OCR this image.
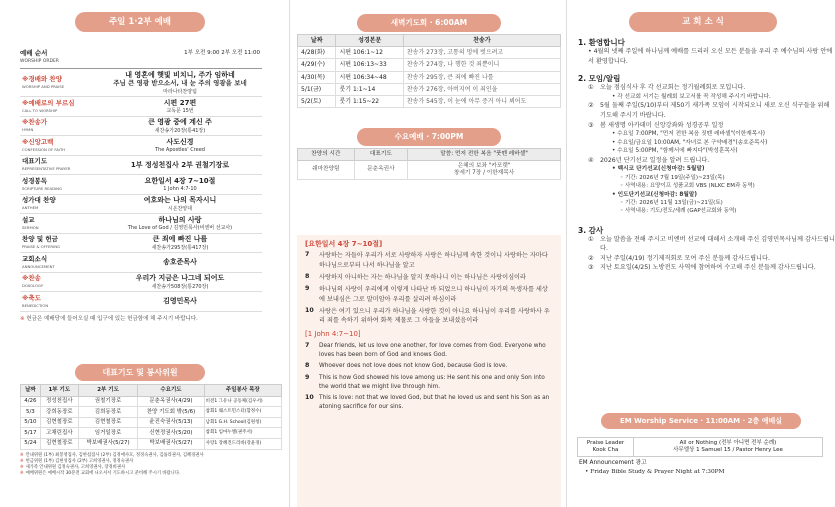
주일 1·2부 예배
예배 순서	1부 오전 9:00 2부 오전 11:00
WORSHIP ORDER
※경배와 찬양
WORSHIP AND PRAISE
내 영혼에 햇빛 비치니, 주가 임하네
주님 큰 영광 받으소서, 내 눈 주의 영광을 보네
마라나타찬양팀
※예배로의 부르심
CALL TO WORSHIP
시편 27편
교독문 15번
※찬송가
HYMN
큰 영광 중에 계신 주
새찬송가20장(통41장)
※신앙고백
CONFESSION OF FAITH
사도신경
The Apostles' Creed
대표기도
REPRESENTATIVE PRAYER	1부 정성천집사 2부 권철기장로
성경봉독
SCRIPTURE READING
요한일서 4장 7~10절
1 John 4:7-10
성가대 찬양
ANTHEM
여호와는 나의 목자시니
시온찬양대
설교
SERMON
하나님의 사랑
The Love of God / 김영민목사(비엔버 선교사)
찬양 및 헌금
PRAISE & OFFERING
큰 죄에 빠진 나를
새찬송가295장(통417장)
교회소식
ANNOUNCEMENT	송호준목사
※찬송
DOXOLOGY
우리가 지금은 나그네 되어도
새찬송가508장(통270장)
※축도
BENEDICTION	김영민목사
※ 헌금은 예배당에 들어오실 때 입구에 있는 헌금함에 해 주시기 바랍니다.
대표기도 및 봉사위원
날짜	1부 기도	2부 기도	수요기도	주일봉사 목장
4/26	정성천집사	권철기장로	문춘옥권사(4/29)	비전1 그유나 공동체(김우서)
5/3	강희동장로	김희동장로	찬양 기도회 밖(5/6)	참회1 웨스트민스터(함정수)
5/10	김현철장로	김현철장로	윤진숙권사(5/13)	남회1 G.H. School(김원청)
5/17	고채린집사	임거일장로	신현정권사(5/20)	참회1 임마누엘(권주서)
5/24	김현철장로	박보배권사(5/27)	박보배권사(5/27)	사랑1 장혜진드리바(강윤경)
※ 안내위원 (1부) 최봉영집사, 김한섭집사 (2부) 김경애사모, 정경숙권사, 김률라권사, 김혜경권사
※ 헌금위원 (1부) 김현성집사 (2부) 고희영권사, 정경숙권사
※ 새가족 안내위원 김정숙권사, 고희영권사, 장경희권사
※ 예배위원은 예배시작 30분전 교회에 나오셔서 기도하시고 준비해 주시기 바랍니다.
새벽기도회 · 6:00AM
날짜	성경본문	찬송가
4/28(화)	시편 106:1~12	찬송가 273장, 고통의 멍에 벗으려고
4/29(수)	시편 106:13~33	찬송가 274장, 나 행한 것 죄뿐이니
4/30(목)	시편 106:34~48	찬송가 295장, 큰 죄에 빠진 나를
5/1(금)	룻기 1:1~14	찬송가 276장, 아버지여 이 죄인을
5/2(토)	룻기 1:15~22	찬송가 545장, 이 눈에 아무 증거 아니 뵈어도
수요예배 · 7:00PM
찬양의 시간	대표기도	말씀: 먼저 전한 복음 "풋뗀 레바셀"
쉐마찬양팀	문춘옥권사	은혜의 보좌 "카포랫"
창세기 7장 / 이한재목사
[요한일서 4장 7~10절]
7	사랑하는 자들아 우리가 서로 사랑하자 사랑은 하나님께 속한 것이니 사랑하는 자마다 하나님으로부터 나서 하나님을 알고
8	사랑하지 아니하는 자는 하나님을 알지 못하나니 이는 하나님은 사랑이심이라
9	하나님의 사랑이 우리에게 이렇게 나타난 바 되었으니 하나님이 자기의 독생자를 세상에 보내심은 그로 말미암아 우리를 살리려 하심이라
10 사랑은 여기 있으니 우리가 하나님을 사랑한 것이 아니요 하나님이 우리를 사랑하사 우리 죄를 속하기 위하여 화목 제물로 그 아들을 보내셨음이라
[1 John 4:7~10]
7	Dear friends, let us love one another, for love comes from God. Everyone who loves has been born of God and knows God.
8	Whoever does not love does not know God, because God is love.
9	This is how God showed his love among us: He sent his one and only Son into the world that we might live through him.
10 This is love: not that we loved God, but that he loved us and sent his Son as an atoning sacrifice for our sins.
교 회 소 식
1. 환영합니다

• 4월의 넷째 주일에 하나님께 예배를 드리러 오신 모든 분들을 우리 주 예수님의 사랑 안에서 환영합니다.

2. 모임/알림
①	오늘 점심식사 후 각 선교회는 정기월례회로 모입니다.
• 각 선교회 서기는 월례회 보고서를 꼭 작성해 주시기 바랍니다.
②	5월 둘째 주일(5/10)부터 제50기 새가족 모임이 시작되오니 새로 오신 식구들을 위해 기도해 주시기 바랍니다.
③	봄 새생명 아카데미 신앙강좌와 성경공부 일정
• 수요일 7:00PM, "먼저 전한 복음 짓뗀 레바셀"(이한재목사)
• 수요일/금요일 10:00AM, "자녀로 본 구약배경"(송호준목사)
• 수요일 5:00PM, "함께서에 빠지다"(박성훈목사)
④	2026년 단기선교 일정을 알려 드립니다.
• 벡시코 단기선교(신청마감: 5월말)
◦ 기간: 2026년 7월 19일(주일)~23일(목)
◦ 사역내용: 요양이프 성품교회 VBS (NLKC EM과 동역)
• 인도단기선교(신청마감: 8월말)
◦ 기간: 2026년 11월 13일(금)~21일(토)
◦ 사역내용: 기도/전도/세례 (GAP선교회와 동역)
3. 감사
①	오늘 말씀을 전해 주시고 비엔버 선교에 대해서 소개해 주신 김영민목사님께 감사드립니다.
②	지난 주일(4/19) 정기제직회로 모여 주신 분들께 감사드립니다.
③	지난 토요일(4/25) 노방전도 사역에 참여하여 수고해 주신 분들께 감사드립니다.
EM Worship Service · 11:00AM · 2층 예배실
Praise Leader
Kook Cha	All or Nothing (전부 아니면 전부 순례)
사무엘상 1 Samuel 15 / Pastor Henry Lee
EM Announcement 광고
• Friday Bible Study & Prayer Night at 7:30PM
